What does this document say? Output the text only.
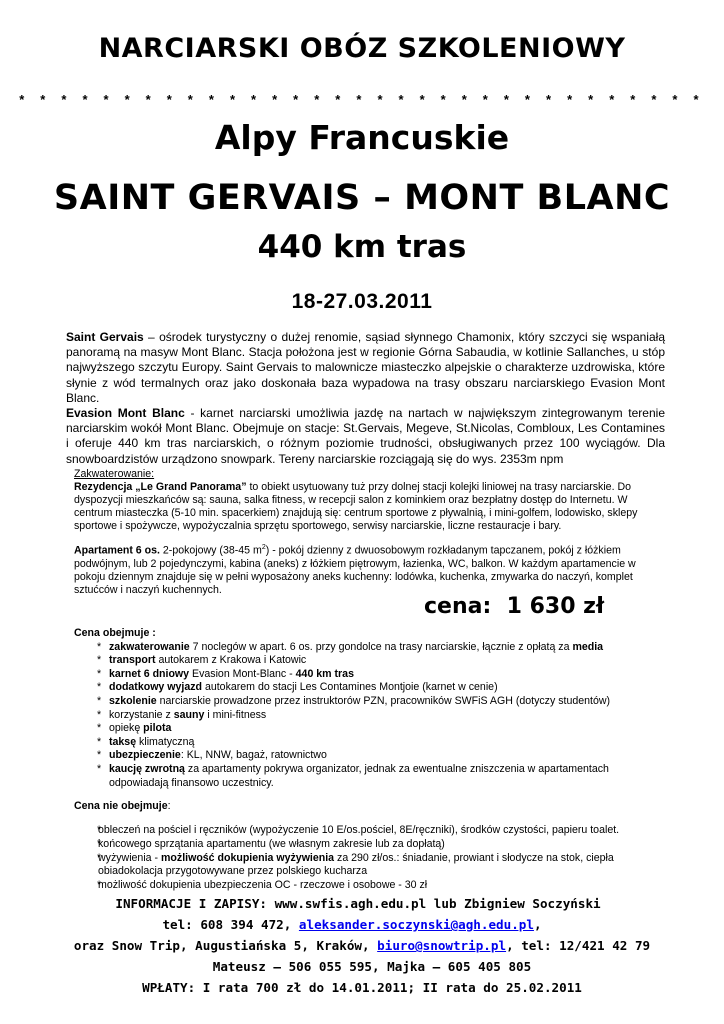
NARCIARSKI OBÓZ SZKOLENIOWY
* * * * * * * * * * * * * * * * * * * * * * * * * * * * * * * * *
Alpy Francuskie
SAINT GERVAIS – MONT BLANC
440 km tras
18-27.03.2011

Saint Gervais – ośrodek turystyczny o dużej renomie, sąsiad słynnego Chamonix, który szczyci się wspaniałą panoramą na masyw Mont Blanc. Stacja położona jest w regionie Górna Sabaudia, w kotlinie Sallanches, u stóp najwyższego szczytu Europy. Saint Gervais to malownicze miasteczko alpejskie o charakterze uzdrowiska, które słynie z wód termalnych oraz jako doskonała baza wypadowa na trasy obszaru narciarskiego Evasion Mont Blanc.

Evasion Mont Blanc - karnet narciarski umożliwia jazdę na nartach w największym zintegrowanym terenie narciarskim wokół Mont Blanc. Obejmuje on stacje: St.Gervais, Megeve, St.Nicolas, Combloux, Les Contamines i oferuje 440 km tras narciarskich, o różnym poziomie trudności, obsługiwanych przez 100 wyciągów. Dla snowboardzistów urządzono snowpark. Tereny narciarskie rozciągają się do wys. 2353m npm

Zakwaterowanie:

Rezydencja „Le Grand Panorama” to obiekt usytuowany tuż przy dolnej stacji kolejki liniowej na trasy narciarskie. Do dyspozycji mieszkańców są: sauna, salka fitness, w recepcji salon z kominkiem oraz bezpłatny dostęp do Internetu. W centrum miasteczka (5-10 min. spacerkiem) znajdują się: centrum sportowe z pływalnią, i mini-golfem, lodowisko, sklepy sportowe i spożywcze, wypożyczalnia sprzętu sportowego, serwisy narciarskie, liczne restauracje i bary.

Apartament 6 os. 2-pokojowy (38-45 $m^2$) - pokój dzienny z dwuosobowym rozkładanym tapczanem, pokój z łóżkiem podwójnym, lub 2 pojedynczymi, kabina (aneks) z łóżkiem piętrowym, łazienka, WC, balkon. W każdym apartamencie w pokoju dziennym znajduje się w pełni wyposażony aneks kuchenny: lodówka, kuchenka, zmywarka do naczyń, komplet sztućców i naczyń kuchennych.

cena: 1 630 zł

Cena obejmuje :

* zakwaterowanie 7 noclegów w apart. 6 os. przy gondolce na trasy narciarskie, łącznie z opłatą za media
* transport autokarem z Krakowa i Katowic
* karnet 6 dniowy Evasion Mont-Blanc - 440 km tras
* dodatkowy wyjazd autokarem do stacji Les Contamines Montjoie (karnet w cenie)
* szkolenie narciarskie prowadzone przez instruktorów PZN, pracowników SWFiS AGH (dotyczy studentów)
* korzystanie z sauny i mini-fitness
* opiekę pilota
* taksę klimatyczną
* ubezpieczenie: KL, NNW, bagaż, ratownictwo
* kaucję zwrotną za apartamenty pokrywa organizator, jednak za ewentualne zniszczenia w apartamentach odpowiadają finansowo uczestnicy.

Cena nie obejmuje:

* obleczeń na pościel i ręczników (wypożyczenie 10 E/os.pościel, 8E/ręczniki), środków czystości, papieru toalet.
* końcowego sprzątania apartamentu (we własnym zakresie lub za dopłatą)
* wyżywienia - możliwość dokupienia wyżywienia za 290 zł/os.: śniadanie, prowiant i słodycze na stok, ciepła obiadokolacja przygotowywane przez polskiego kucharza
* możliwość dokupienia ubezpieczenia OC - rzeczowe i osobowe - 30 zł

INFORMACJE I ZAPISY: www.swfis.agh.edu.pl lub Zbigniew Soczyński

tel: 608 394 472, aleksander.soczynski@agh.edu.pl,

oraz Snow Trip, Augustiańska 5, Kraków, biuro@snowtrip.pl, tel: 12/421 42 79

Mateusz – 506 055 595, Majka – 605 405 805

WPŁATY: I rata 700 zł do 14.01.2011; II rata do 25.02.2011
